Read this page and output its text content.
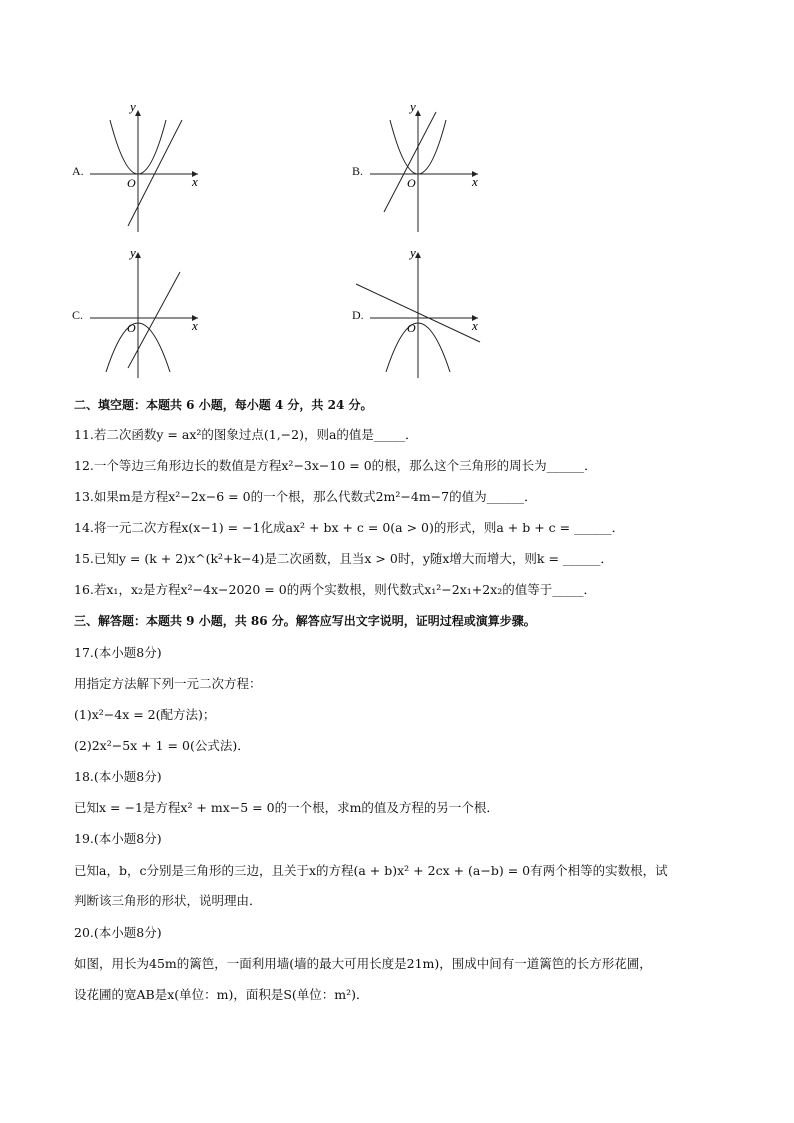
A.
y
x
O
B.
y
x
O
C.
y
x
O
D.
y
x
O
二、填空题：本题共 6 小题，每小题 4 分，共 24 分。
11.若二次函数y = ax²的图象过点(1,−2)，则a的值是_____．
12.一个等边三角形边长的数值是方程x²−3x−10 = 0的根，那么这个三角形的周长为______．
13.如果m是方程x²−2x−6 = 0的一个根，那么代数式2m²−4m−7的值为______．
14.将一元二次方程x(x−1) = −1化成ax² + bx + c = 0(a > 0)的形式，则a + b + c = ______．
15.已知y = (k + 2)x^(k²+k−4)是二次函数，且当x > 0时，y随x增大而增大，则k = ______．
16.若x₁，x₂是方程x²−4x−2020 = 0的两个实数根，则代数式x₁²−2x₁+2x₂的值等于_____．
三、解答题：本题共 9 小题，共 86 分。解答应写出文字说明，证明过程或演算步骤。
17.(本小题8分)
用指定方法解下列一元二次方程：
(1)x²−4x = 2(配方法)；
(2)2x²−5x + 1 = 0(公式法)．
18.(本小题8分)
已知x = −1是方程x² + mx−5 = 0的一个根，求m的值及方程的另一个根．
19.(本小题8分)
已知a，b，c分别是三角形的三边，且关于x的方程(a + b)x² + 2cx + (a−b) = 0有两个相等的实数根，试
判断该三角形的形状，说明理由．
20.(本小题8分)
如图，用长为45m的篱笆，一面利用墙(墙的最大可用长度是21m)，围成中间有一道篱笆的长方形花圃，
设花圃的宽AB是x(单位：m)，面积是S(单位：m²)．
